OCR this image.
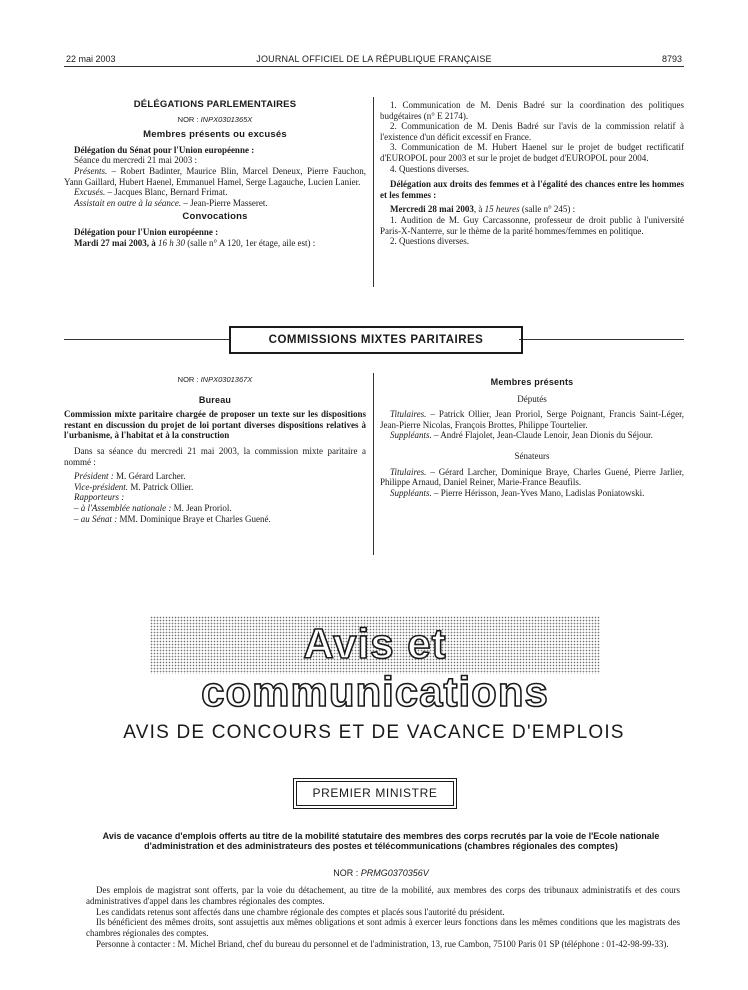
22 mai 2003	JOURNAL OFFICIEL DE LA RÉPUBLIQUE FRANÇAISE	8793
DÉLÉGATIONS PARLEMENTAIRES
NOR : INPX0301365X
Membres présents ou excusés

Délégation du Sénat pour l'Union européenne :

Séance du mercredi 21 mai 2003 :

Présents. – Robert Badinter, Maurice Blin, Marcel Deneux, Pierre Fauchon, Yann Gaillard, Hubert Haenel, Emmanuel Hamel, Serge Lagauche, Lucien Lanier.

Excusés. – Jacques Blanc, Bernard Frimat.

Assistait en outre à la séance. – Jean-Pierre Masseret.

Convocations

Délégation pour l'Union européenne :

Mardi 27 mai 2003, à 16 h 30 (salle n° A 120, 1er étage, aile est) :

1. Communication de M. Denis Badré sur la coordination des politiques budgétaires (n° E 2174).

2. Communication de M. Denis Badré sur l'avis de la commission relatif à l'existence d'un déficit excessif en France.

3. Communication de M. Hubert Haenel sur le projet de budget rectificatif d'EUROPOL pour 2003 et sur le projet de budget d'EUROPOL pour 2004.

4. Questions diverses.

Délégation aux droits des femmes et à l'égalité des chances entre les hommes et les femmes :

Mercredi 28 mai 2003, à 15 heures (salle n° 245) :

1. Audition de M. Guy Carcassonne, professeur de droit public à l'université Paris-X-Nanterre, sur le thème de la parité hommes/femmes en politique.

2. Questions diverses.

COMMISSIONS MIXTES PARITAIRES
NOR : INPX0301367X
Bureau

Commission mixte paritaire chargée de proposer un texte sur les dispositions restant en discussion du projet de loi portant diverses dispositions relatives à l'urbanisme, à l'habitat et à la construction

Dans sa séance du mercredi 21 mai 2003, la commission mixte paritaire a nommé :

Président : M. Gérard Larcher.

Vice-président. M. Patrick Ollier.

Rapporteurs :

– à l'Assemblée nationale : M. Jean Proriol.

– au Sénat : MM. Dominique Braye et Charles Guené.

Membres présents

Députés

Titulaires. – Patrick Ollier, Jean Proriol, Serge Poignant, Francis Saint-Léger, Jean-Pierre Nicolas, François Brottes, Philippe Tourtelier.

Suppléants. – André Flajolet, Jean-Claude Lenoir, Jean Dionis du Séjour.

Sénateurs

Titulaires. – Gérard Larcher, Dominique Braye, Charles Guené, Pierre Jarlier, Philippe Arnaud, Daniel Reiner, Marie-France Beaufils.

Suppléants. – Pierre Hérisson, Jean-Yves Mano, Ladislas Poniatowski.

Avis et communications
AVIS DE CONCOURS ET DE VACANCE D'EMPLOIS
PREMIER MINISTRE
Avis de vacance d'emplois offerts au titre de la mobilité statutaire des membres des corps recrutés par la voie de l'Ecole nationale d'administration et des administrateurs des postes et télécommunications (chambres régionales des comptes)
NOR : PRMG0370356V

Des emplois de magistrat sont offerts, par la voie du détachement, au titre de la mobilité, aux membres des corps des tribunaux administratifs et des cours administratives d'appel dans les chambres régionales des comptes.

Les candidats retenus sont affectés dans une chambre régionale des comptes et placés sous l'autorité du président.

Ils bénéficient des mêmes droits, sont assujettis aux mêmes obligations et sont admis à exercer leurs fonctions dans les mêmes conditions que les magistrats des chambres régionales des comptes.

Personne à contacter : M. Michel Briand, chef du bureau du personnel et de l'administration, 13, rue Cambon, 75100 Paris 01 SP (téléphone : 01-42-98-99-33).
